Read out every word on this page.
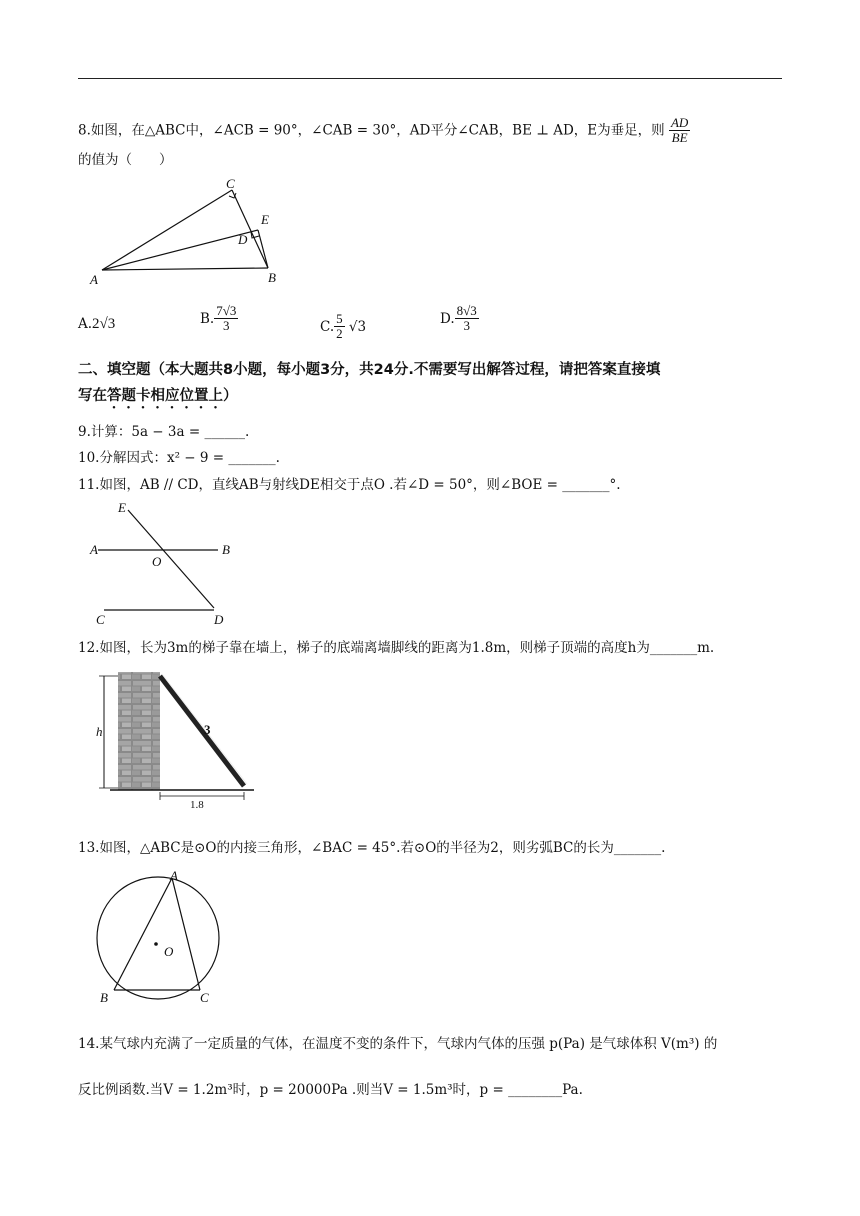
8.如图，在△ABC中，∠ACB = 90°，∠CAB = 30°，AD平分∠CAB，BE ⊥ AD，E为垂足，则 $\frac{AD}{BE}$
的值为（　　）
C
E
D
A	B
A.2√3	B. $\frac{7√3}{3}$	C. $\frac{5}{2} √3$	D. $\frac{8√3}{3}$
二、填空题（本大题共8小题，每小题3分，共24分.不需要写出解答过程，请把答案直接填
写在答题卡相应位置上）
9.计算：5a − 3a = ______.
10.分解因式：x² − 9 = _______.
11.如图，AB // CD，直线AB与射线DE相交于点O .若∠D = 50°，则∠BOE = _______°.
E
A
O
B
C	D
12.如图，长为3m的梯子靠在墙上，梯子的底端离墙脚线的距离为1.8m，则梯子顶端的高度h为_______m.
h	3
1.8
13.如图，△ABC是⊙O的内接三角形，∠BAC = 45°.若⊙O的半径为2，则劣弧BC的长为_______.
A
O
B	C
14.某气球内充满了一定质量的气体，在温度不变的条件下，气球内气体的压强 p(Pa) 是气球体积 V(m³) 的
反比例函数.当V = 1.2m³时，p = 20000Pa .则当V = 1.5m³时，p = ________Pa.
